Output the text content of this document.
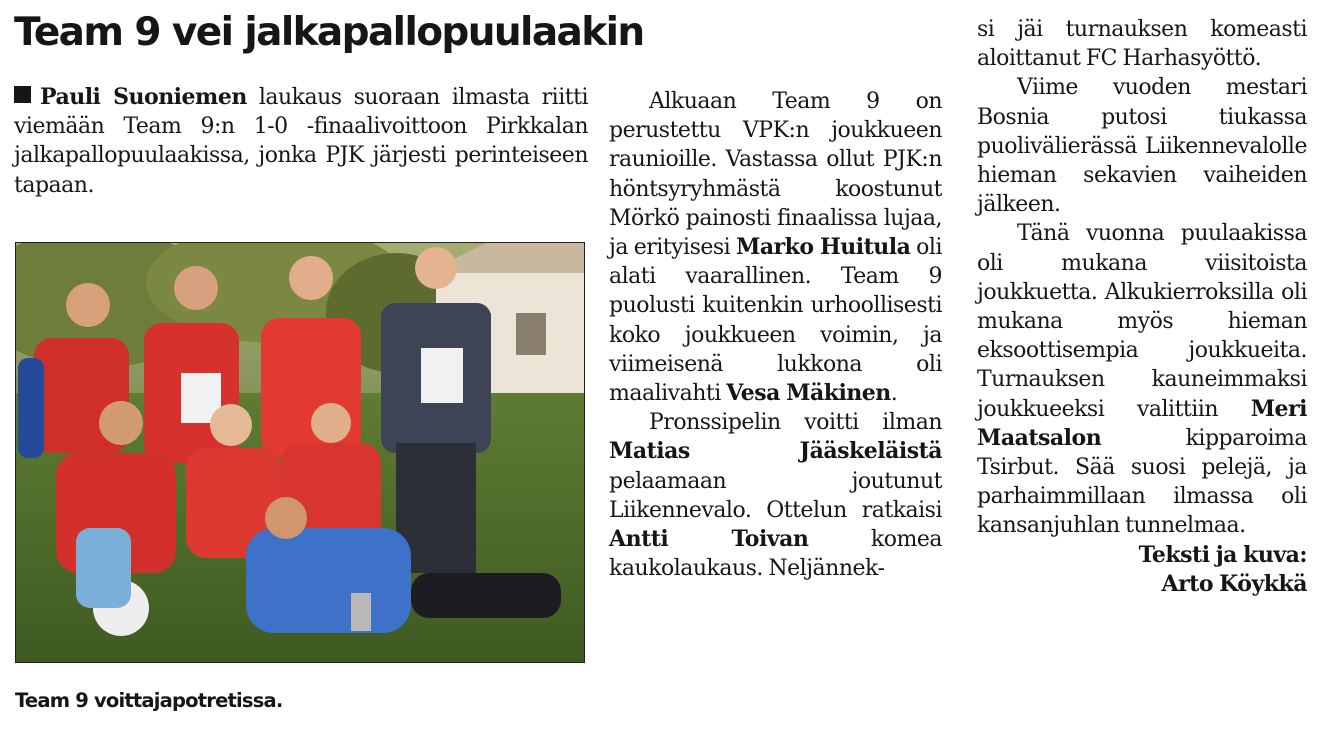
Team 9 vei jalkapallopuulaakin

Pauli Suoniemen laukaus suoraan ilmasta riitti viemään Team 9:n 1-0 -finaalivoittoon Pirkkalan jalkapallopuulaakissa, jonka PJK järjesti perinteiseen tapaan.

Team 9 voittajapotretissa.

Alkuaan Team 9 on perustettu VPK:n joukkueen raunioille. Vastassa ollut PJK:n höntsyryhmästä koostunut Mörkö painosti finaalissa lujaa, ja erityisesi Marko Huitula oli alati vaarallinen. Team 9 puolusti kuitenkin urhoollisesti koko joukkueen voimin, ja viimeisenä lukkona oli maalivahti Vesa Mäkinen.

Pronssipelin voitti ilman Matias Jääskeläistä pelaamaan joutunut Liikennevalo. Ottelun ratkaisi Antti Toivan komea kaukolaukaus. Neljännek-

si jäi turnauksen komeasti aloittanut FC Harhasyöttö.

Viime vuoden mestari Bosnia putosi tiukassa puolivälierässä Liikennevalolle hieman sekavien vaiheiden jälkeen.

Tänä vuonna puulaakissa oli mukana viisitoista joukkuetta. Alkukierroksilla oli mukana myös hieman eksoottisempia joukkueita. Turnauksen kauneimmaksi joukkueeksi valittiin Meri Maatsalon kipparoima Tsirbut. Sää suosi pelejä, ja parhaimmillaan ilmassa oli kansanjuhlan tunnelmaa.

Teksti ja kuva:

Arto Köykkä
